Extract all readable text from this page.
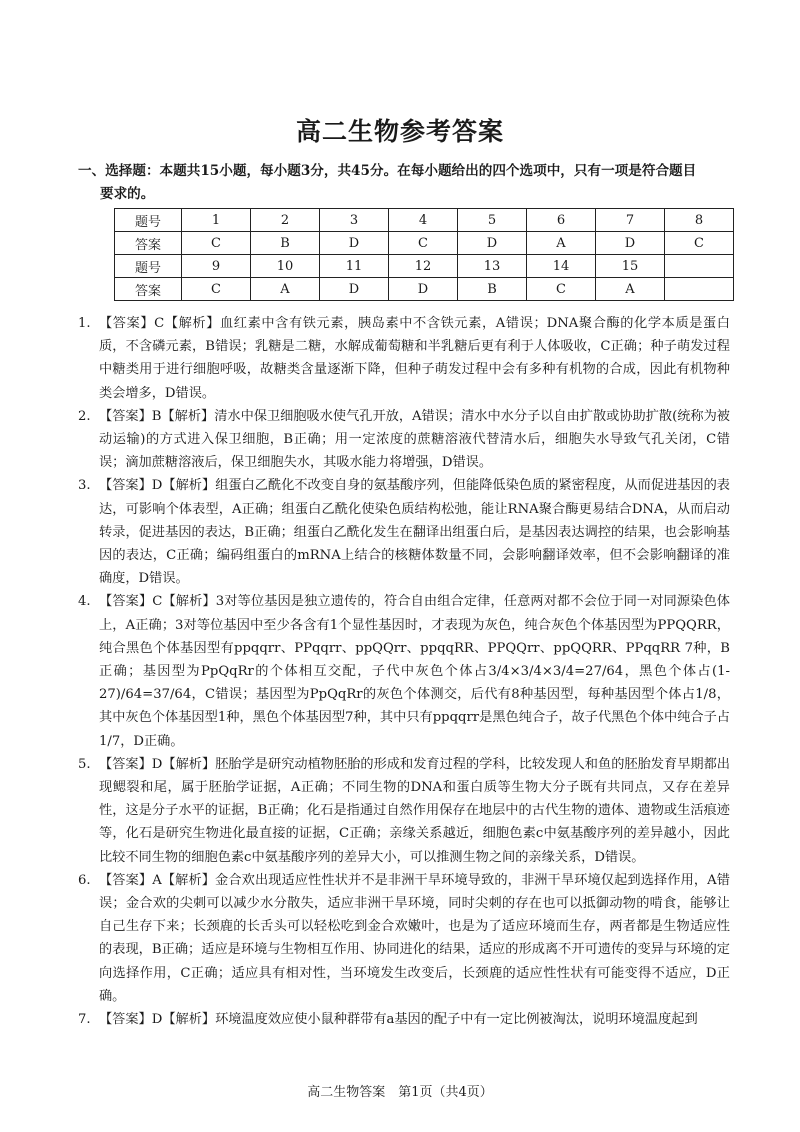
高二生物参考答案
一、选择题：本题共15小题，每小题3分，共45分。在每小题给出的四个选项中，只有一项是符合题目
要求的。
题号	1	2	3	4	5	6	7	8
答案	C	B	D	C	D	A	D	C
题号	9	10	11	12	13	14	15	
答案	C	A	D	D	B	C	A	
1. 【答案】C【解析】血红素中含有铁元素，胰岛素中不含铁元素，A错误；DNA聚合酶的化学本质是蛋白质，不含磷元素，B错误；乳糖是二糖，水解成葡萄糖和半乳糖后更有利于人体吸收，C正确；种子萌发过程中糖类用于进行细胞呼吸，故糖类含量逐渐下降，但种子萌发过程中会有多种有机物的合成，因此有机物种类会增多，D错误。
2. 【答案】B【解析】清水中保卫细胞吸水使气孔开放，A错误；清水中水分子以自由扩散或协助扩散(统称为被动运输)的方式进入保卫细胞，B正确；用一定浓度的蔗糖溶液代替清水后，细胞失水导致气孔关闭，C错误；滴加蔗糖溶液后，保卫细胞失水，其吸水能力将增强，D错误。
3. 【答案】D【解析】组蛋白乙酰化不改变自身的氨基酸序列，但能降低染色质的紧密程度，从而促进基因的表达，可影响个体表型，A正确；组蛋白乙酰化使染色质结构松弛，能让RNA聚合酶更易结合DNA，从而启动转录，促进基因的表达，B正确；组蛋白乙酰化发生在翻译出组蛋白后，是基因表达调控的结果，也会影响基因的表达，C正确；编码组蛋白的mRNA上结合的核糖体数量不同，会影响翻译效率，但不会影响翻译的准确度，D错误。
4. 【答案】C【解析】3对等位基因是独立遗传的，符合自由组合定律，任意两对都不会位于同一对同源染色体上，A正确；3对等位基因中至少各含有1个显性基因时，才表现为灰色，纯合灰色个体基因型为PPQQRR，纯合黑色个体基因型有ppqqrr、PPqqrr、ppQQrr、ppqqRR、PPQQrr、ppQQRR、PPqqRR 7种，B正确；基因型为PpQqRr的个体相互交配，子代中灰色个体占3/4×3/4×3/4=27/64，黑色个体占(1-27)/64=37/64，C错误；基因型为PpQqRr的灰色个体测交，后代有8种基因型，每种基因型个体占1/8，其中灰色个体基因型1种，黑色个体基因型7种，其中只有ppqqrr是黑色纯合子，故子代黑色个体中纯合子占1/7，D正确。
5. 【答案】D【解析】胚胎学是研究动植物胚胎的形成和发育过程的学科，比较发现人和鱼的胚胎发育早期都出现鳃裂和尾，属于胚胎学证据，A正确；不同生物的DNA和蛋白质等生物大分子既有共同点，又存在差异性，这是分子水平的证据，B正确；化石是指通过自然作用保存在地层中的古代生物的遗体、遗物或生活痕迹等，化石是研究生物进化最直接的证据，C正确；亲缘关系越近，细胞色素c中氨基酸序列的差异越小，因此比较不同生物的细胞色素c中氨基酸序列的差异大小，可以推测生物之间的亲缘关系，D错误。
6. 【答案】A【解析】金合欢出现适应性性状并不是非洲干旱环境导致的，非洲干旱环境仅起到选择作用，A错误；金合欢的尖刺可以减少水分散失，适应非洲干旱环境，同时尖刺的存在也可以抵御动物的啃食，能够让自己生存下来；长颈鹿的长舌头可以轻松吃到金合欢嫩叶，也是为了适应环境而生存，两者都是生物适应性的表现，B正确；适应是环境与生物相互作用、协同进化的结果，适应的形成离不开可遗传的变异与环境的定向选择作用，C正确；适应具有相对性，当环境发生改变后，长颈鹿的适应性性状有可能变得不适应，D正确。
7. 【答案】D【解析】环境温度效应使小鼠种群带有a基因的配子中有一定比例被淘汰，说明环境温度起到
高二生物答案　第1页（共4页）
